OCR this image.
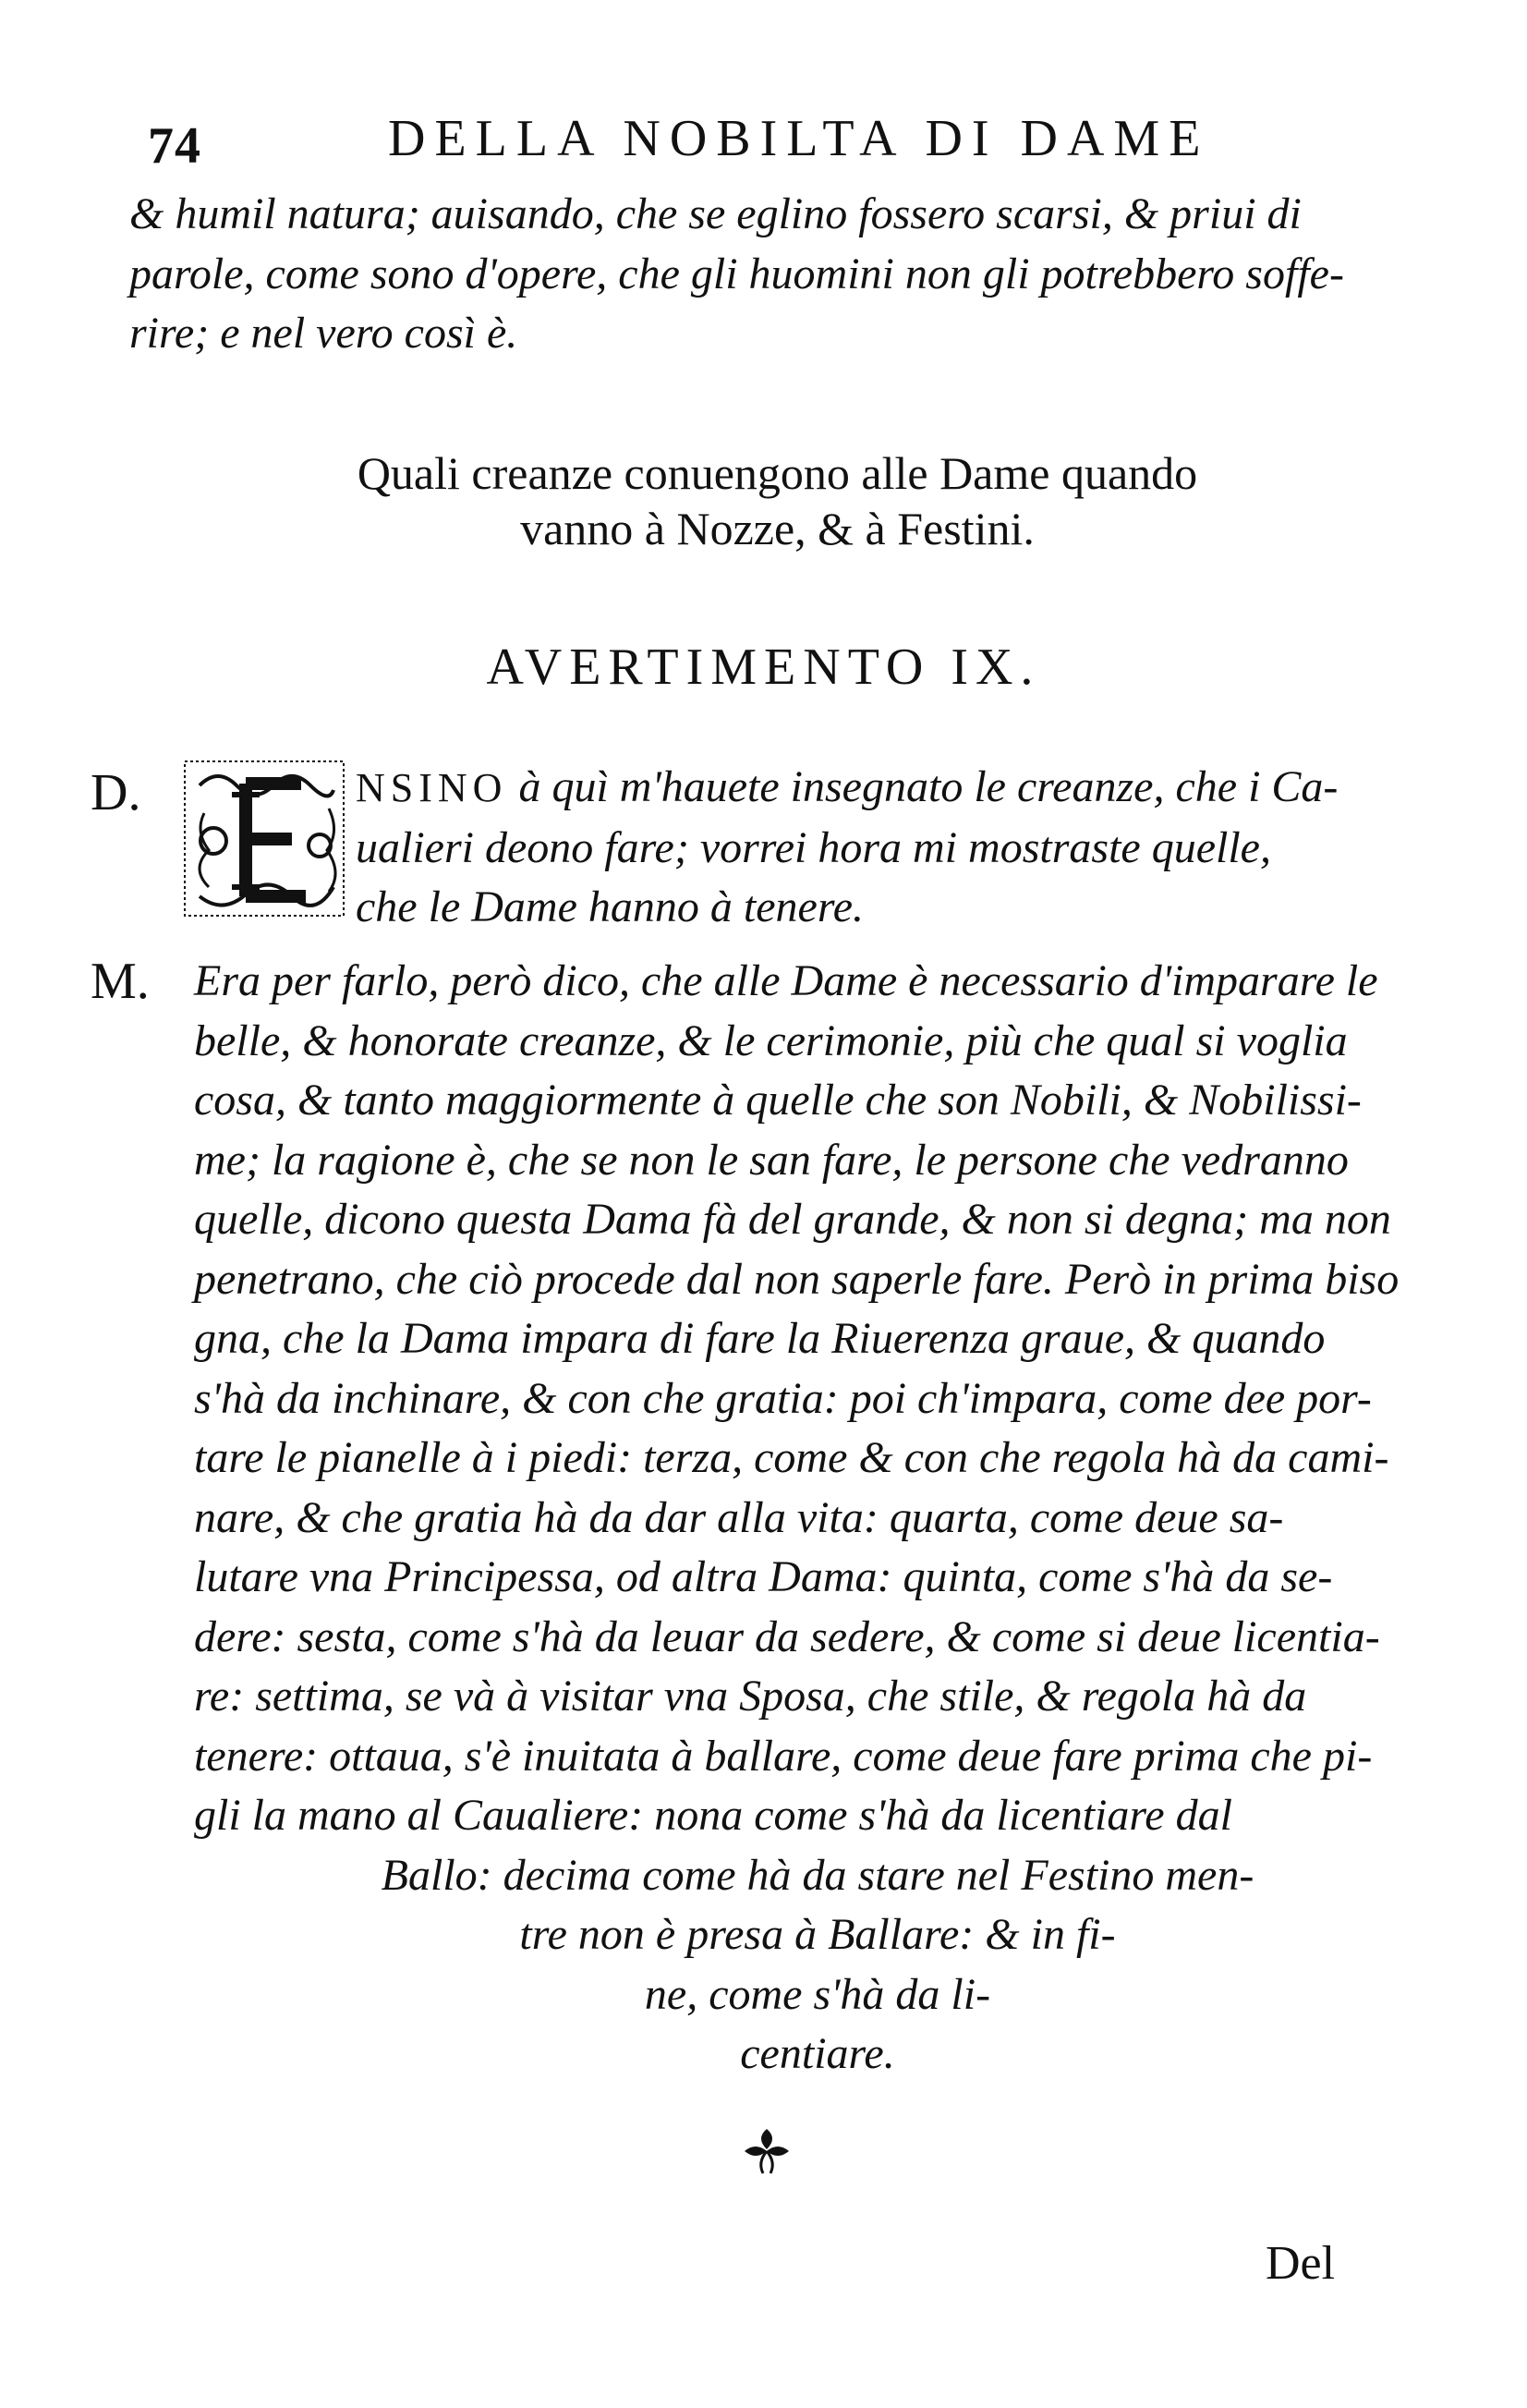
74	DELLA NOBILTA DI DAME
& humil natura; auisando, che se eglino fossero scarsi, & priui di
parole, come sono d'opere, che gli huomini non gli potrebbero soffe-
rire; e nel vero così è.
Quali creanze conuengono alle Dame quando
vanno à Nozze, & à Festini.
AVERTIMENTO IX.
D.	NSINO à quì m'hauete insegnato le creanze, che i Ca-
ualieri deono fare; vorrei hora mi mostraste quelle,
che le Dame hanno à tenere.
M. Era per farlo, però dico, che alle Dame è necessario d'imparare le
belle, & honorate creanze, & le cerimonie, più che qual si voglia
cosa, & tanto maggiormente à quelle che son Nobili, & Nobilissi-
me; la ragione è, che se non le san fare, le persone che vedranno
quelle, dicono questa Dama fà del grande, & non si degna; ma non
penetrano, che ciò procede dal non saperle fare. Però in prima biso
gna, che la Dama impara di fare la Riuerenza graue, & quando
s'hà da inchinare, & con che gratia: poi ch'impara, come dee por-
tare le pianelle à i piedi: terza, come & con che regola hà da cami-
nare, & che gratia hà da dar alla vita: quarta, come deue sa-
lutare vna Principessa, od altra Dama: quinta, come s'hà da se-
dere: sesta, come s'hà da leuar da sedere, & come si deue licentia-
re: settima, se và à visitar vna Sposa, che stile, & regola hà da
tenere: ottaua, s'è inuitata à ballare, come deue fare prima che pi-
gli la mano al Caualiere: nona come s'hà da licentiare dal
Ballo: decima come hà da stare nel Festino men-
tre non è presa à Ballare: & in fi-
ne, come s'hà da li-
centiare.
Del
